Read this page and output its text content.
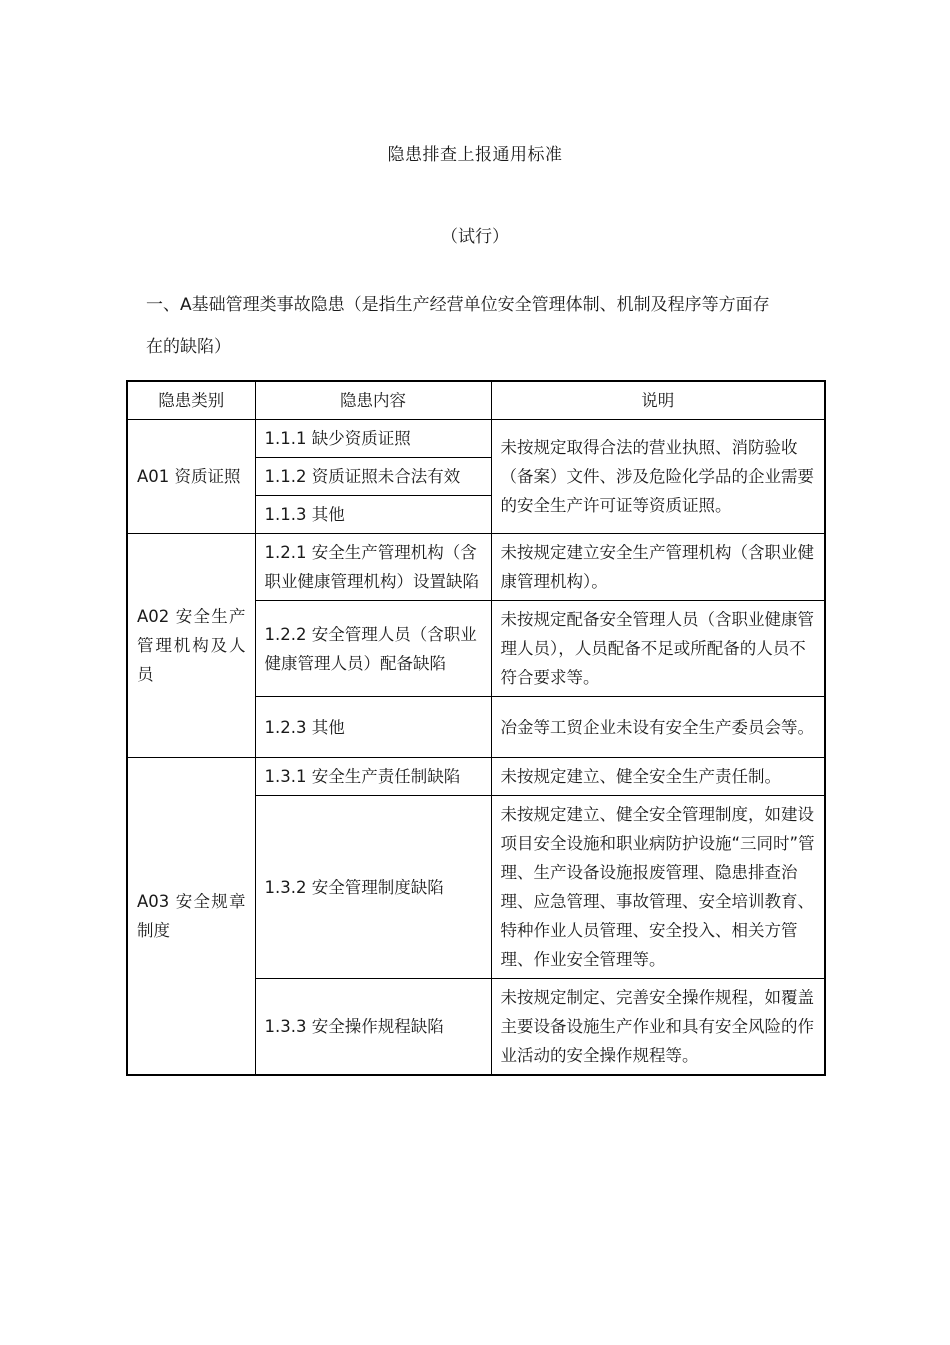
隐患排查上报通用标准
（试行）
一、A基础管理类事故隐患（是指生产经营单位安全管理体制、机制及程序等方面存在的缺陷）
隐患类别	隐患内容	说明
A01 资质证照	1.1.1 缺少资质证照	未按规定取得合法的营业执照、消防验收（备案）文件、涉及危险化学品的企业需要的安全生产许可证等资质证照。
	1.1.2 资质证照未合法有效	
	1.1.3 其他	
A02 安全生产管理机构及人员	1.2.1 安全生产管理机构（含职业健康管理机构）设置缺陷	未按规定建立安全生产管理机构（含职业健康管理机构）。
	1.2.2 安全管理人员（含职业健康管理人员）配备缺陷	未按规定配备安全管理人员（含职业健康管理人员），人员配备不足或所配备的人员不符合要求等。
	1.2.3 其他	冶金等工贸企业未设有安全生产委员会等。
A03 安全规章制度	1.3.1 安全生产责任制缺陷	未按规定建立、健全安全生产责任制。
	1.3.2 安全管理制度缺陷	未按规定建立、健全安全管理制度，如建设项目安全设施和职业病防护设施“三同时”管理、生产设备设施报废管理、隐患排查治理、应急管理、事故管理、安全培训教育、特种作业人员管理、安全投入、相关方管理、作业安全管理等。
	1.3.3 安全操作规程缺陷	未按规定制定、完善安全操作规程，如覆盖主要设备设施生产作业和具有安全风险的作业活动的安全操作规程等。
